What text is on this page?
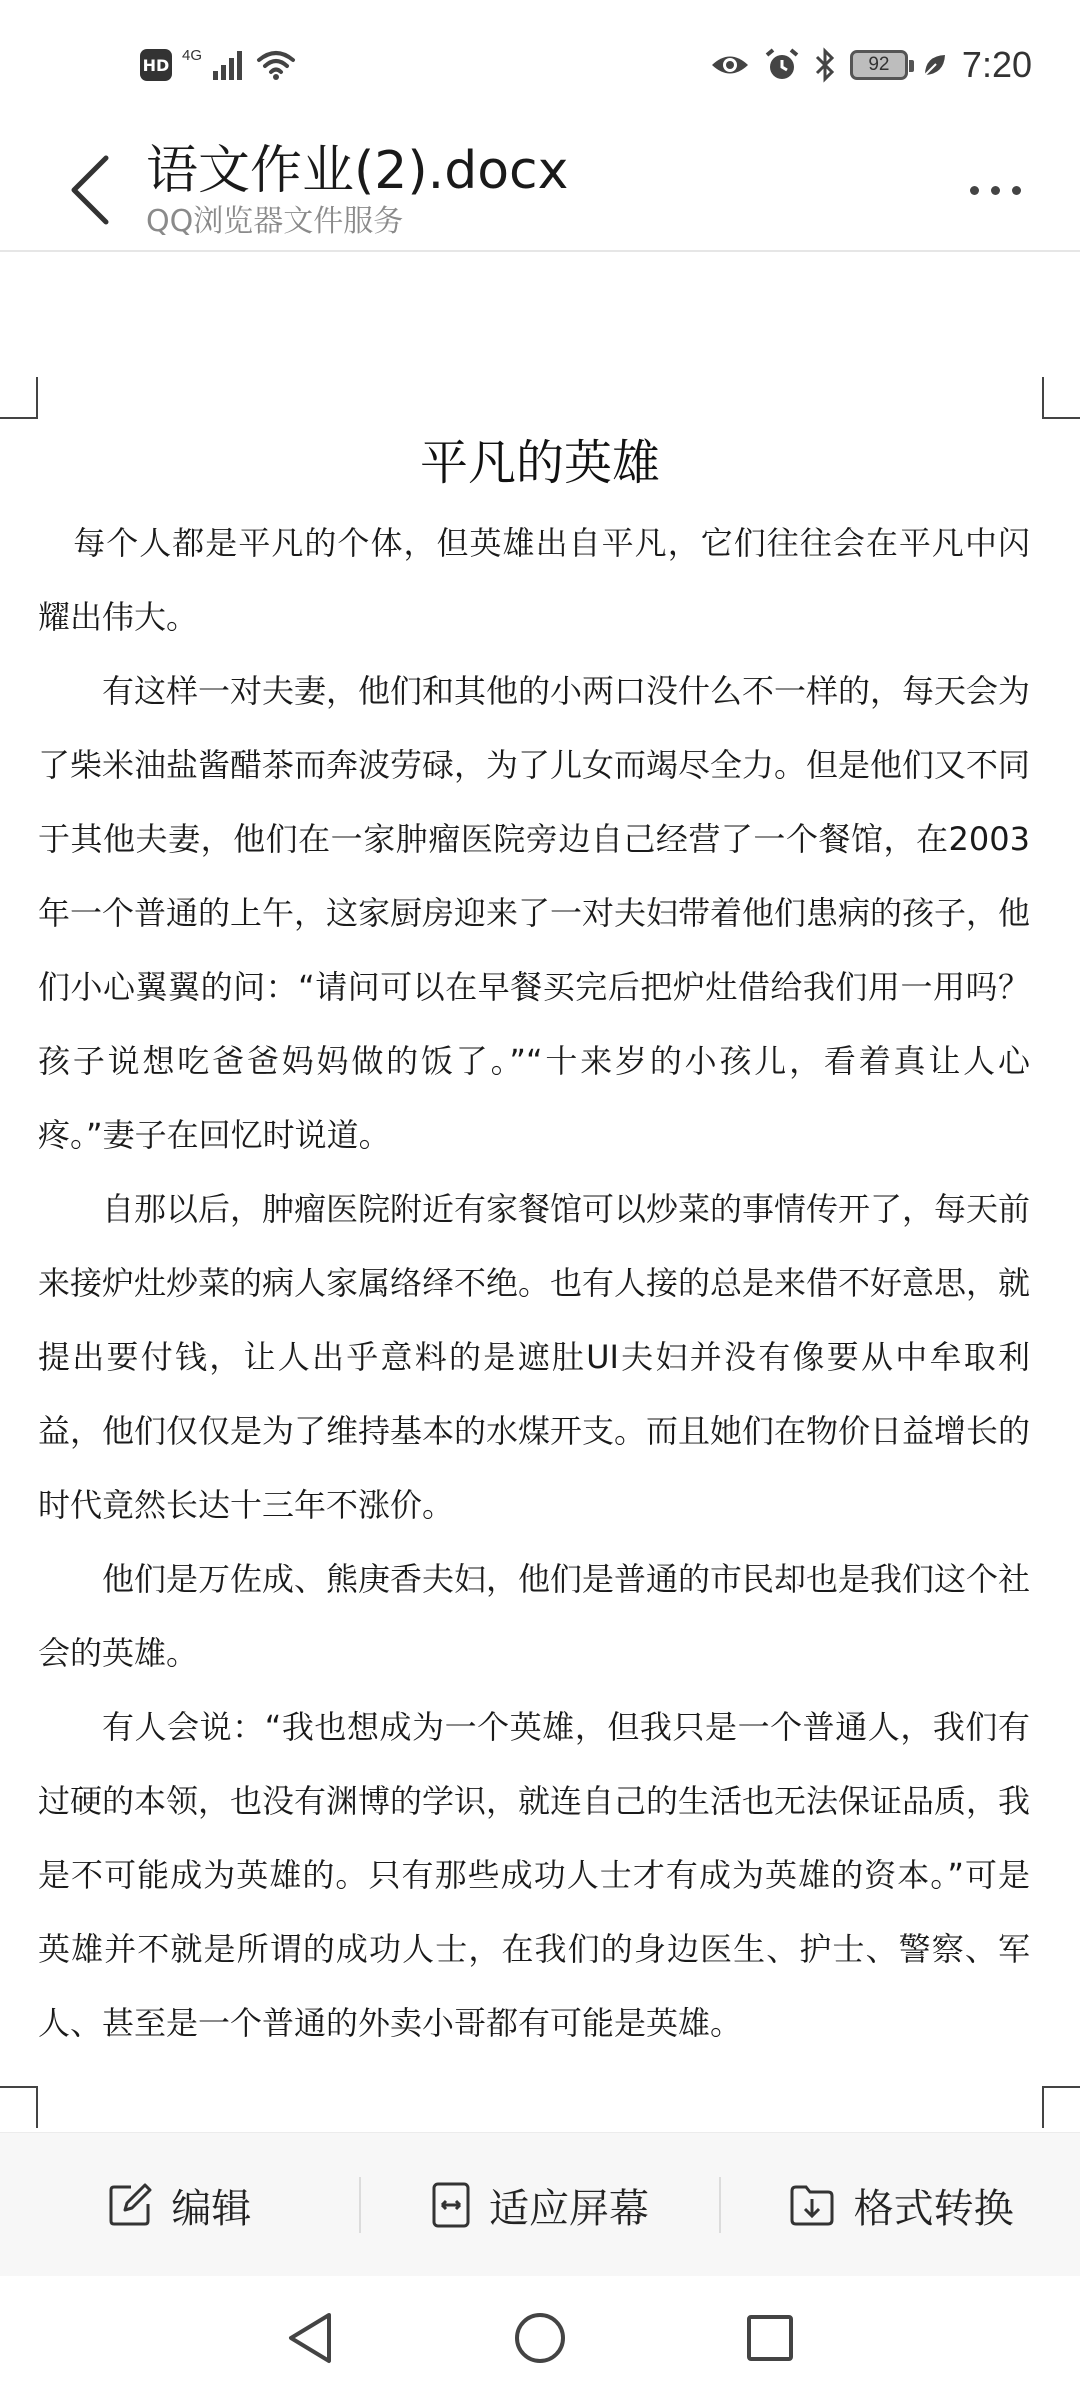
HD
4G	92	7:20
语文作业(2).docx
QQ浏览器文件服务
平凡的英雄

每个人都是平凡的个体，但英雄出自平凡，它们往往会在平凡中闪耀出伟大。

有这样一对夫妻，他们和其他的小两口没什么不一样的，每天会为了柴米油盐酱醋茶而奔波劳碌，为了儿女而竭尽全力。但是他们又不同于其他夫妻，他们在一家肿瘤医院旁边自己经营了一个餐馆，在2003年一个普通的上午，这家厨房迎来了一对夫妇带着他们患病的孩子，他们小心翼翼的问：“请问可以在早餐买完后把炉灶借给我们用一用吗？孩子说想吃爸爸妈妈做的饭了。”“十来岁的小孩儿，看着真让人心疼。”妻子在回忆时说道。

自那以后，肿瘤医院附近有家餐馆可以炒菜的事情传开了，每天前来接炉灶炒菜的病人家属络绎不绝。也有人接的总是来借不好意思，就提出要付钱，让人出乎意料的是遮肚UI夫妇并没有像要从中牟取利益，他们仅仅是为了维持基本的水煤开支。而且她们在物价日益增长的时代竟然长达十三年不涨价。

他们是万佐成、熊庚香夫妇，他们是普通的市民却也是我们这个社会的英雄。

有人会说：“我也想成为一个英雄，但我只是一个普通人，我们有过硬的本领，也没有渊博的学识，就连自己的生活也无法保证品质，我是不可能成为英雄的。只有那些成功人士才有成为英雄的资本。”可是英雄并不就是所谓的成功人士，在我们的身边医生、护士、警察、军人、甚至是一个普通的外卖小哥都有可能是英雄。

编辑	适应屏幕	格式转换
